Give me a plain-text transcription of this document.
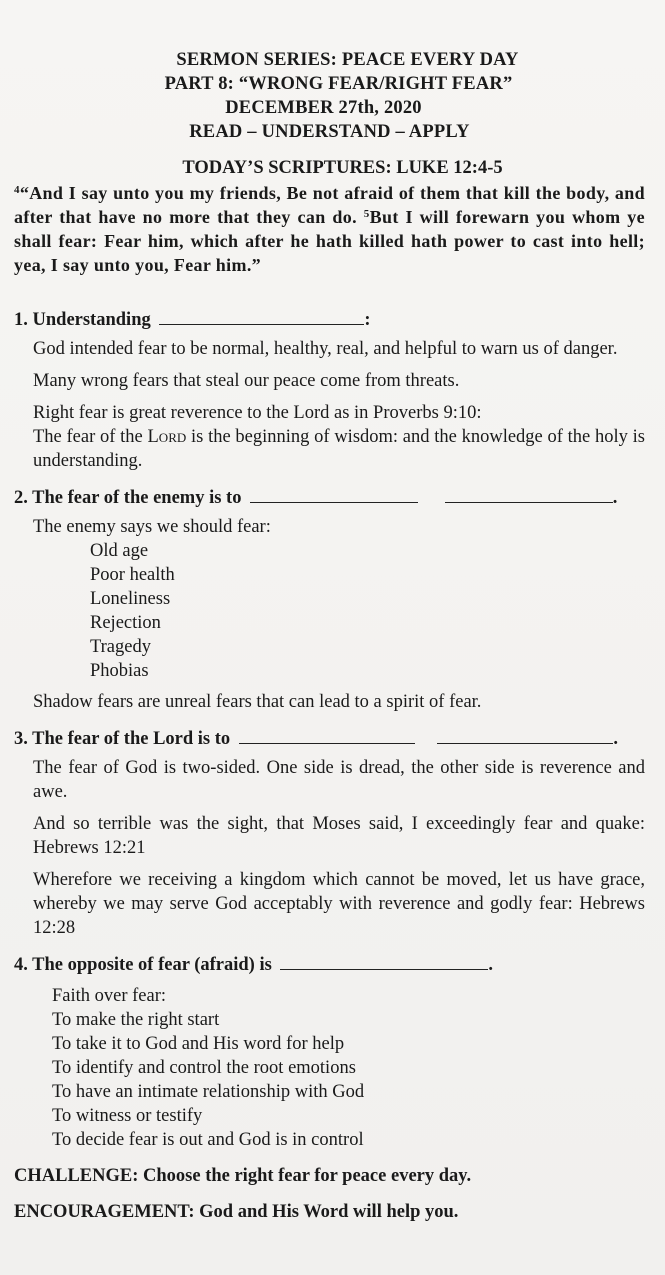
SERMON SERIES: PEACE EVERY DAY
PART 8: “WRONG FEAR/RIGHT FEAR”
DECEMBER 27th, 2020
READ – UNDERSTAND – APPLY
TODAY’S SCRIPTURES: LUKE 12:4-5
$^4$“And I say unto you my friends, Be not afraid of them that kill the body, and after that have no more that they can do. $^5$But I will forewarn you whom ye shall fear: Fear him, which after he hath killed hath power to cast into hell; yea, I say unto you, Fear him.”
1. Understanding	:

God intended fear to be normal, healthy, real, and helpful to warn us of danger.

Many wrong fears that steal our peace come from threats.

Right fear is great reverence to the Lord as in Proverbs 9:10:

The fear of the Lord is the beginning of wisdom: and the knowledge of the holy is understanding.

2. The fear of the enemy is to	.

The enemy says we should fear:

Old age
Poor health
Loneliness
Rejection
Tragedy
Phobias

Shadow fears are unreal fears that can lead to a spirit of fear.

3. The fear of the Lord is to	.

The fear of God is two-sided. One side is dread, the other side is reverence and awe.

And so terrible was the sight, that Moses said, I exceedingly fear and quake: Hebrews 12:21

Wherefore we receiving a kingdom which cannot be moved, let us have grace, whereby we may serve God acceptably with reverence and godly fear: Hebrews 12:28

4. The opposite of fear (afraid) is	.
Faith over fear:
To make the right start
To take it to God and His word for help
To identify and control the root emotions
To have an intimate relationship with God
To witness or testify
To decide fear is out and God is in control
CHALLENGE: Choose the right fear for peace every day.
ENCOURAGEMENT: God and His Word will help you.
